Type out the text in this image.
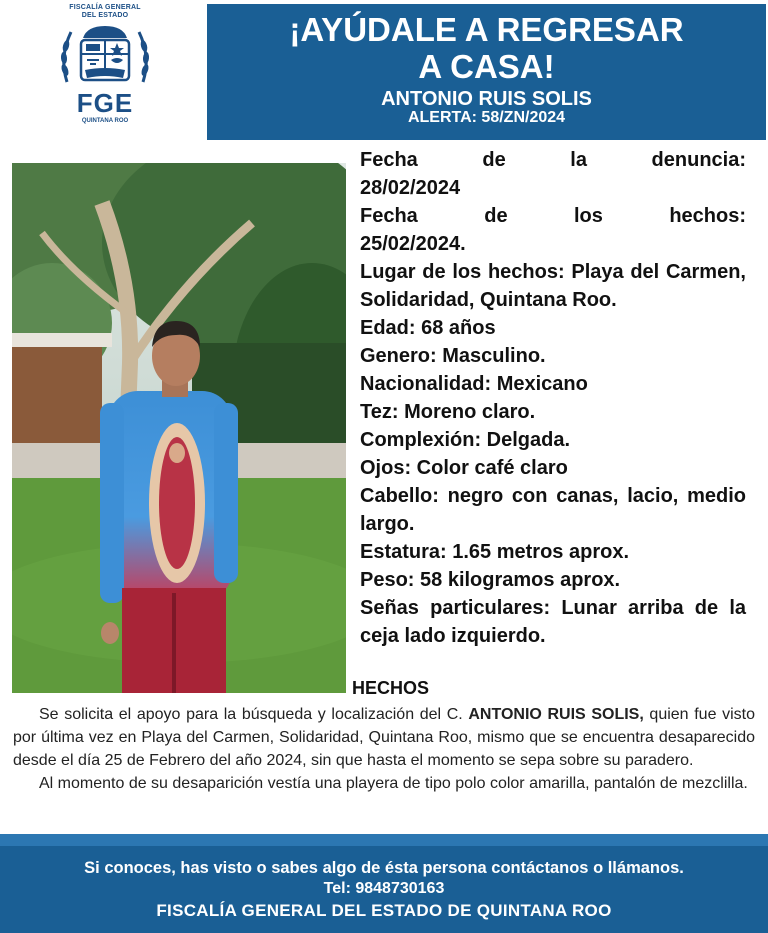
FISCALÍA GENERAL
DEL ESTADO
FGE
QUINTANA ROO
¡AYÚDALE A REGRESAR
A CASA!
ANTONIO RUIS SOLIS
ALERTA: 58/ZN/2024
Fecha de la denuncia:
28/02/2024
Fecha de los hechos:
25/02/2024.
Lugar de los hechos: Playa del Carmen, Solidaridad, Quintana Roo.
Edad: 68 años
Genero: Masculino.
Nacionalidad: Mexicano
Tez: Moreno claro.
Complexión: Delgada.
Ojos: Color café claro
Cabello: negro con canas, lacio, medio largo.
Estatura: 1.65 metros aprox.
Peso: 58 kilogramos aprox.
Señas particulares: Lunar arriba de la ceja lado izquierdo.
HECHOS

Se solicita el apoyo para la búsqueda y localización del C. ANTONIO RUIS SOLIS, quien fue visto por última vez en Playa del Carmen, Solidaridad, Quintana Roo, mismo que se encuentra desaparecido desde el día 25 de Febrero del año 2024, sin que hasta el momento se sepa sobre su paradero.

Al momento de su desaparición vestía una playera de tipo polo color amarilla, pantalón de mezclilla.

Si conoces, has visto o sabes algo de ésta persona contáctanos o llámanos.
Tel: 9848730163
FISCALÍA GENERAL DEL ESTADO DE QUINTANA ROO
